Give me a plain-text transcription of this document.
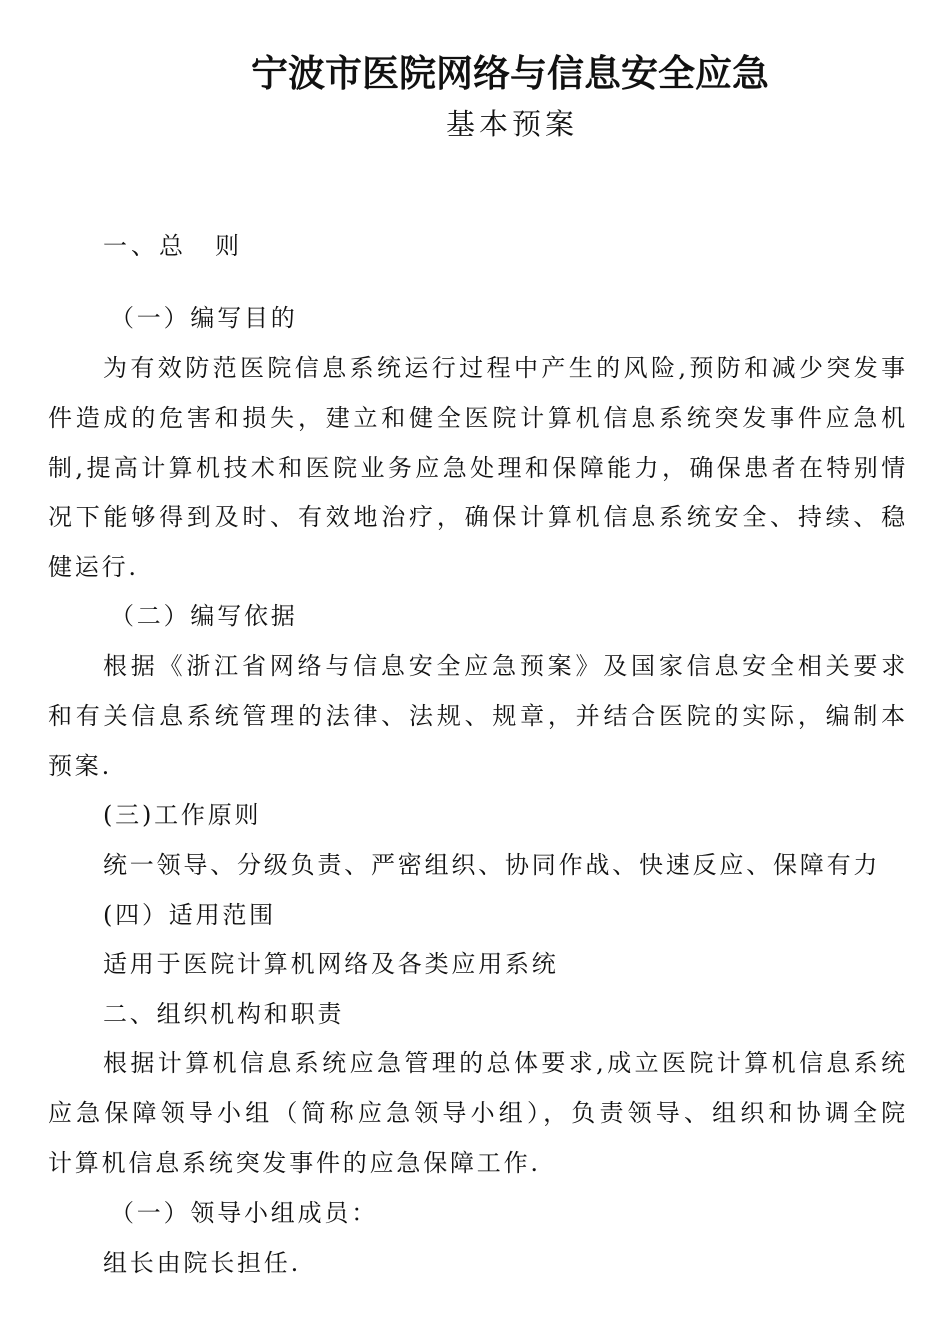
宁波市医院网络与信息安全应急
基本预案
一、总　则
（一）编写目的
为有效防范医院信息系统运行过程中产生的风险,预防和减少突发事
件造成的危害和损失，建立和健全医院计算机信息系统突发事件应急机
制,提高计算机技术和医院业务应急处理和保障能力，确保患者在特别情
况下能够得到及时、有效地治疗，确保计算机信息系统安全、持续、稳
健运行.
（二）编写依据
根据《浙江省网络与信息安全应急预案》及国家信息安全相关要求
和有关信息系统管理的法律、法规、规章，并结合医院的实际，编制本
预案.
(三)工作原则
统一领导、分级负责、严密组织、协同作战、快速反应、保障有力
(四）适用范围
适用于医院计算机网络及各类应用系统
二、组织机构和职责
根据计算机信息系统应急管理的总体要求,成立医院计算机信息系统
应急保障领导小组（简称应急领导小组），负责领导、组织和协调全院
计算机信息系统突发事件的应急保障工作.
（一）领导小组成员：
组长由院长担任.
